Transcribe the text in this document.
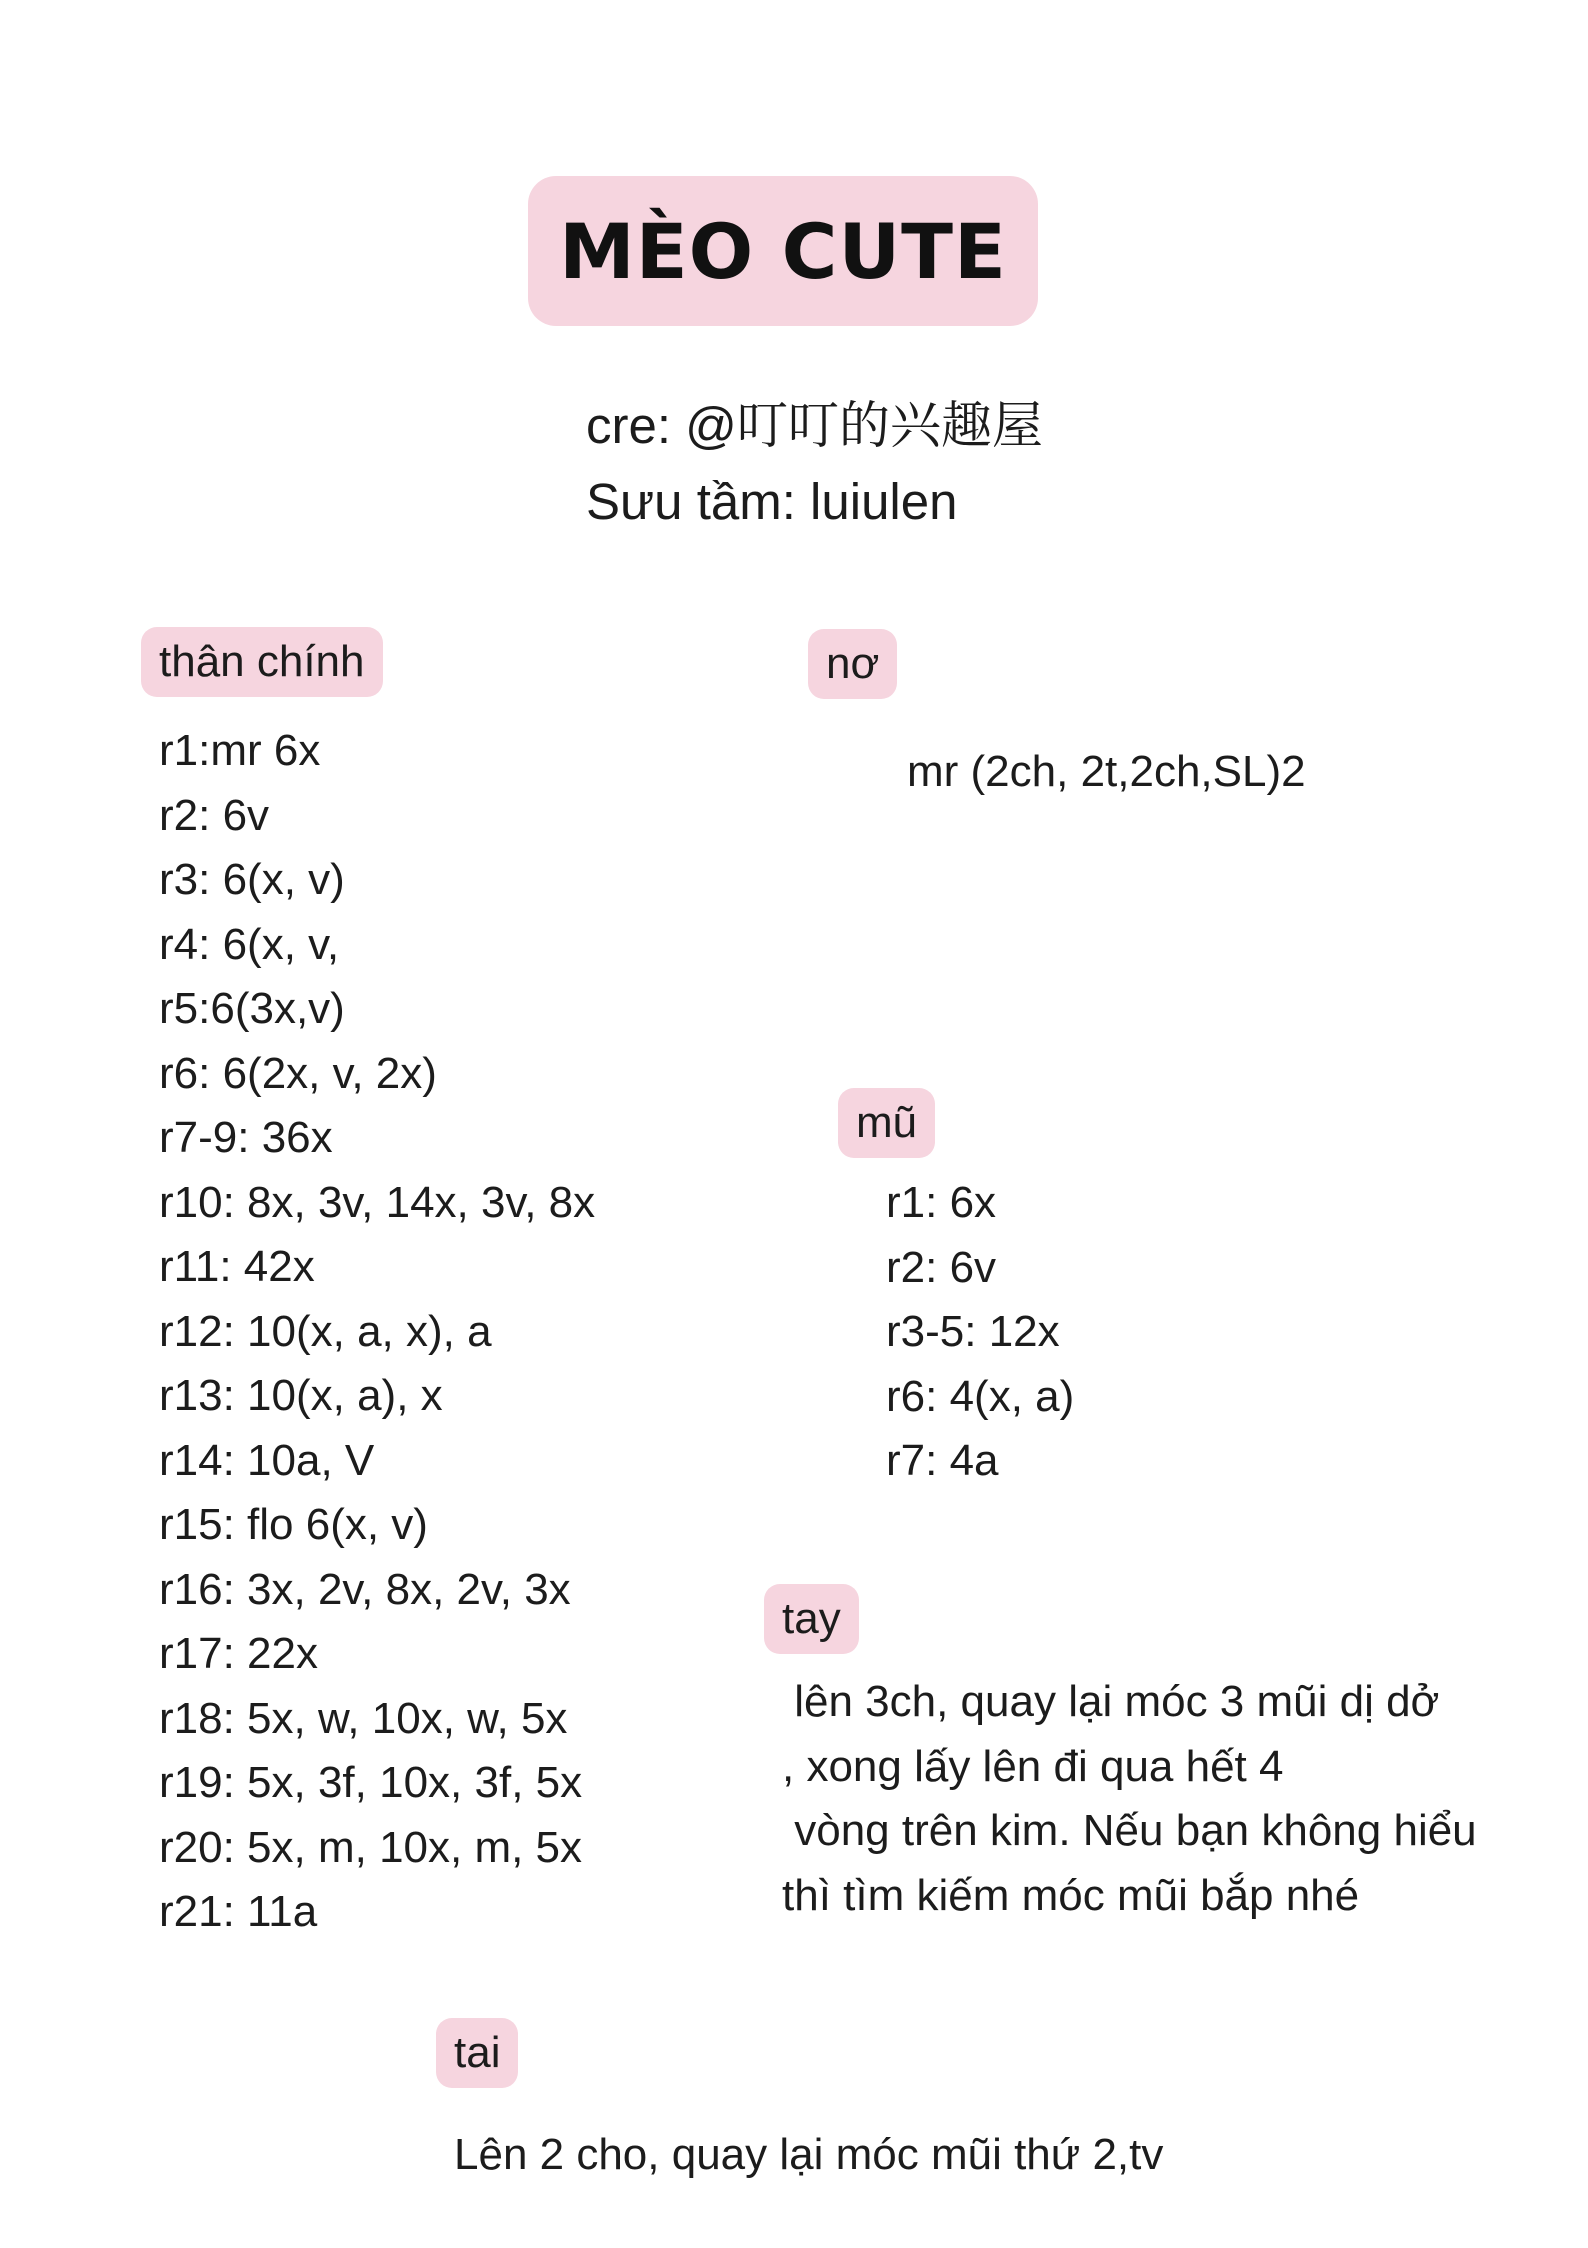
MÈO CUTE
cre: @叮叮的兴趣屋
Sưu tầm: luiulen
thân chính
r1:mr 6x
r2: 6v
r3: 6(x, v)
r4: 6(x, v,
r5:6(3x,v)
r6: 6(2x, v, 2x)
r7-9: 36x
r10: 8x, 3v, 14x, 3v, 8x
r11: 42x
r12: 10(x, a, x), a
r13: 10(x, a), x
r14: 10a, V
r15: flo 6(x, v)
r16: 3x, 2v, 8x, 2v, 3x
r17: 22x
r18: 5x, w, 10x, w, 5x
r19: 5x, 3f, 10x, 3f, 5x
r20: 5x, m, 10x, m, 5x
r21: 11a
nơ
mr (2ch, 2t,2ch,SL)2
mũ
r1: 6x
r2: 6v
r3-5: 12x
r6: 4(x, a)
r7: 4a
tay
lên 3ch, quay lại móc 3 mũi dị dở
, xong lấy lên đi qua hết 4
vòng trên kim. Nếu bạn không hiểu
thì tìm kiếm móc mũi bắp nhé
tai
Lên 2 cho, quay lại móc mũi thứ 2,tv
